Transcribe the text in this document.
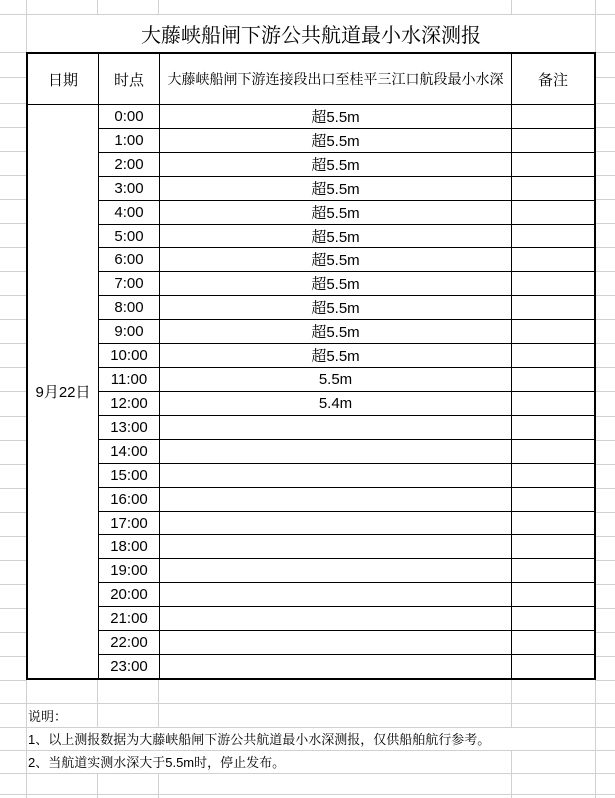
大藤峡船闸下游公共航道最小水深测报
日期	时点	大藤峡船闸下游连接段出口至桂平三江口航段最小水深	备注
9月22日
0:00	超5.5m
1:00	超5.5m
2:00	超5.5m
3:00	超5.5m
4:00	超5.5m
5:00	超5.5m
6:00	超5.5m
7:00	超5.5m
8:00	超5.5m
9:00	超5.5m
10:00	超5.5m
11:00	5.5m
12:00	5.4m
13:00
14:00
15:00
16:00
17:00
18:00
19:00
20:00
21:00
22:00
23:00
说明：
1、以上测报数据为大藤峡船闸下游公共航道最小水深测报，仅供船舶航行参考。
2、当航道实测水深大于5.5m时，停止发布。
